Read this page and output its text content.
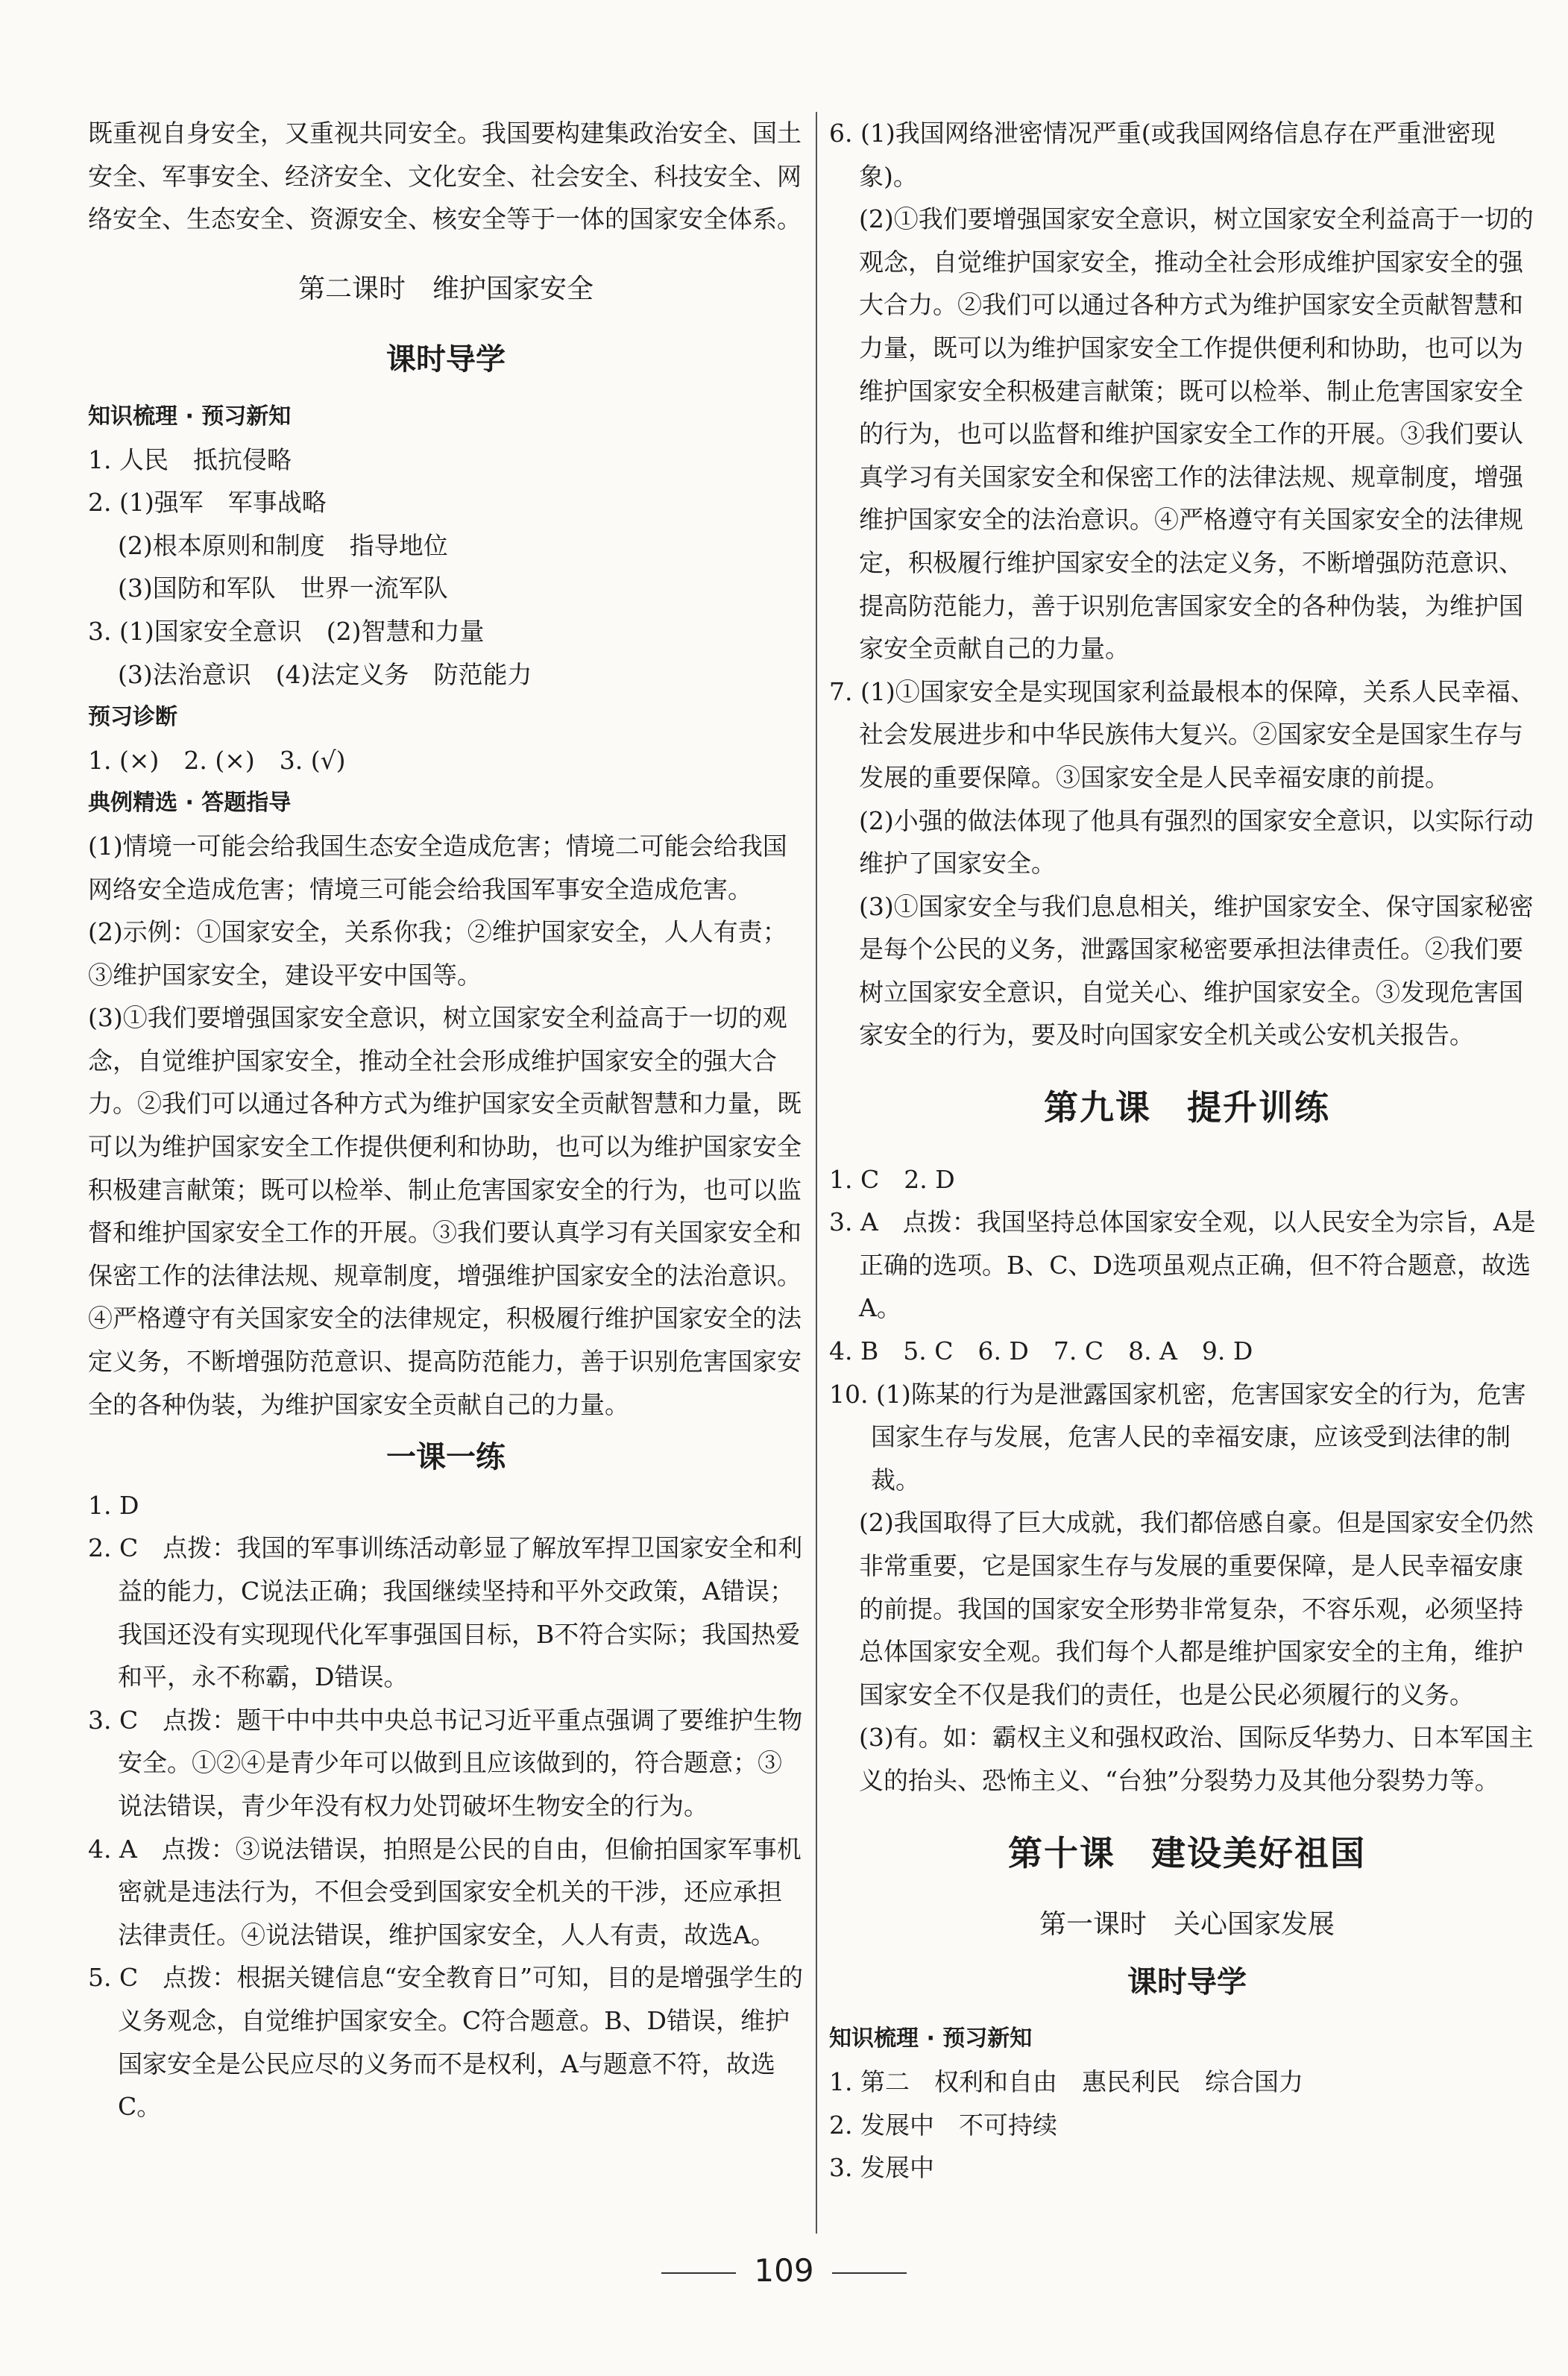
既重视自身安全，又重视共同安全。我国要构建集政治安全、国土安全、军事安全、经济安全、文化安全、社会安全、科技安全、网络安全、生态安全、资源安全、核安全等于一体的国家安全体系。

第二课时　维护国家安全
课时导学
知识梳理 · 预习新知

1. 人民　抵抗侵略

2. (1)强军　军事战略

(2)根本原则和制度　指导地位

(3)国防和军队　世界一流军队

3. (1)国家安全意识　(2)智慧和力量

(3)法治意识　(4)法定义务　防范能力

预习诊断

1. (×)　2. (×)　3. (√)

典例精选 · 答题指导

(1)情境一可能会给我国生态安全造成危害；情境二可能会给我国网络安全造成危害；情境三可能会给我国军事安全造成危害。

(2)示例：①国家安全，关系你我；②维护国家安全，人人有责；③维护国家安全，建设平安中国等。

(3)①我们要增强国家安全意识，树立国家安全利益高于一切的观念，自觉维护国家安全，推动全社会形成维护国家安全的强大合力。②我们可以通过各种方式为维护国家安全贡献智慧和力量，既可以为维护国家安全工作提供便利和协助，也可以为维护国家安全积极建言献策；既可以检举、制止危害国家安全的行为，也可以监督和维护国家安全工作的开展。③我们要认真学习有关国家安全和保密工作的法律法规、规章制度，增强维护国家安全的法治意识。④严格遵守有关国家安全的法律规定，积极履行维护国家安全的法定义务，不断增强防范意识、提高防范能力，善于识别危害国家安全的各种伪装，为维护国家安全贡献自己的力量。

一课一练

1. D

2. C　点拨：我国的军事训练活动彰显了解放军捍卫国家安全和利益的能力，C说法正确；我国继续坚持和平外交政策，A错误；我国还没有实现现代化军事强国目标，B不符合实际；我国热爱和平，永不称霸，D错误。

3. C　点拨：题干中中共中央总书记习近平重点强调了要维护生物安全。①②④是青少年可以做到且应该做到的，符合题意；③说法错误，青少年没有权力处罚破坏生物安全的行为。

4. A　点拨：③说法错误，拍照是公民的自由，但偷拍国家军事机密就是违法行为，不但会受到国家安全机关的干涉，还应承担法律责任。④说法错误，维护国家安全，人人有责，故选A。

5. C　点拨：根据关键信息“安全教育日”可知，目的是增强学生的义务观念，自觉维护国家安全。C符合题意。B、D错误，维护国家安全是公民应尽的义务而不是权利，A与题意不符，故选C。

6. (1)我国网络泄密情况严重(或我国网络信息存在严重泄密现象)。

(2)①我们要增强国家安全意识，树立国家安全利益高于一切的观念，自觉维护国家安全，推动全社会形成维护国家安全的强大合力。②我们可以通过各种方式为维护国家安全贡献智慧和力量，既可以为维护国家安全工作提供便利和协助，也可以为维护国家安全积极建言献策；既可以检举、制止危害国家安全的行为，也可以监督和维护国家安全工作的开展。③我们要认真学习有关国家安全和保密工作的法律法规、规章制度，增强维护国家安全的法治意识。④严格遵守有关国家安全的法律规定，积极履行维护国家安全的法定义务，不断增强防范意识、提高防范能力，善于识别危害国家安全的各种伪装，为维护国家安全贡献自己的力量。

7. (1)①国家安全是实现国家利益最根本的保障，关系人民幸福、社会发展进步和中华民族伟大复兴。②国家安全是国家生存与发展的重要保障。③国家安全是人民幸福安康的前提。

(2)小强的做法体现了他具有强烈的国家安全意识，以实际行动维护了国家安全。

(3)①国家安全与我们息息相关，维护国家安全、保守国家秘密是每个公民的义务，泄露国家秘密要承担法律责任。②我们要树立国家安全意识，自觉关心、维护国家安全。③发现危害国家安全的行为，要及时向国家安全机关或公安机关报告。

第九课　提升训练

1. C　2. D

3. A　点拨：我国坚持总体国家安全观，以人民安全为宗旨，A是正确的选项。B、C、D选项虽观点正确，但不符合题意，故选A。

4. B　5. C　6. D　7. C　8. A　9. D

10. (1)陈某的行为是泄露国家机密，危害国家安全的行为，危害国家生存与发展，危害人民的幸福安康，应该受到法律的制裁。

(2)我国取得了巨大成就，我们都倍感自豪。但是国家安全仍然非常重要，它是国家生存与发展的重要保障，是人民幸福安康的前提。我国的国家安全形势非常复杂，不容乐观，必须坚持总体国家安全观。我们每个人都是维护国家安全的主角，维护国家安全不仅是我们的责任，也是公民必须履行的义务。

(3)有。如：霸权主义和强权政治、国际反华势力、日本军国主义的抬头、恐怖主义、“台独”分裂势力及其他分裂势力等。

第十课　建设美好祖国
第一课时　关心国家发展
课时导学
知识梳理 · 预习新知

1. 第二　权利和自由　惠民利民　综合国力

2. 发展中　不可持续

3. 发展中

109
